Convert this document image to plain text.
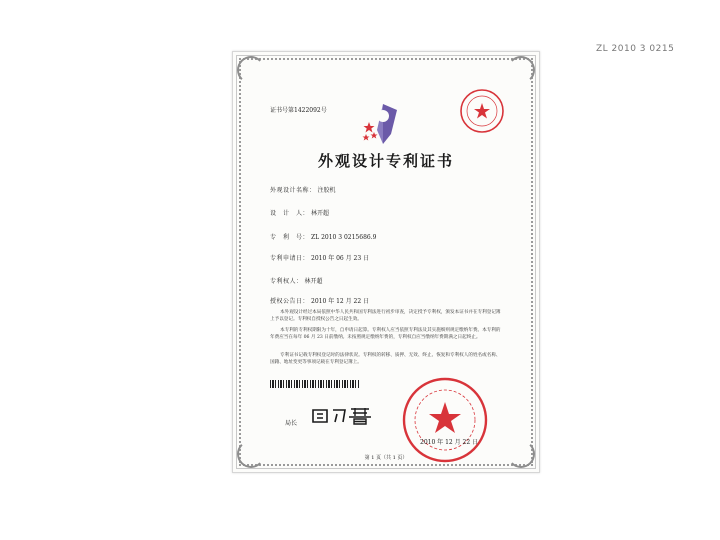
ZL 2010 3 0215
证书号第1422092号
外观设计专利证书
外观设计名称： 注胶机
设　计　人： 林开超
专　利　号： ZL 2010 3 0215686.9
专利申请日： 2010 年 06 月 23 日
专利权人： 林开超
授权公告日： 2010 年 12 月 22 日
本外观设计经过本局依照中华人民共和国专利法进行初步审查，决定授予专利权，颁发本证书并在专利登记簿上予以登记。专利权自授权公告之日起生效。
本专利的专利权期限为十年，自申请日起算。专利权人应当依照专利法及其实施细则规定缴纳年费。本专利的年费应当在每年 06 月 23 日前缴纳。未按照规定缴纳年费的，专利权自应当缴纳年费期满之日起终止。
专利证书记载专利权登记时的法律状况。专利权的转移、质押、无效、终止、恢复和专利权人的姓名或名称、国籍、地址变更等事项记载在专利登记簿上。
局长
2010 年 12 月 22 日
第 1 页（共 1 页）
